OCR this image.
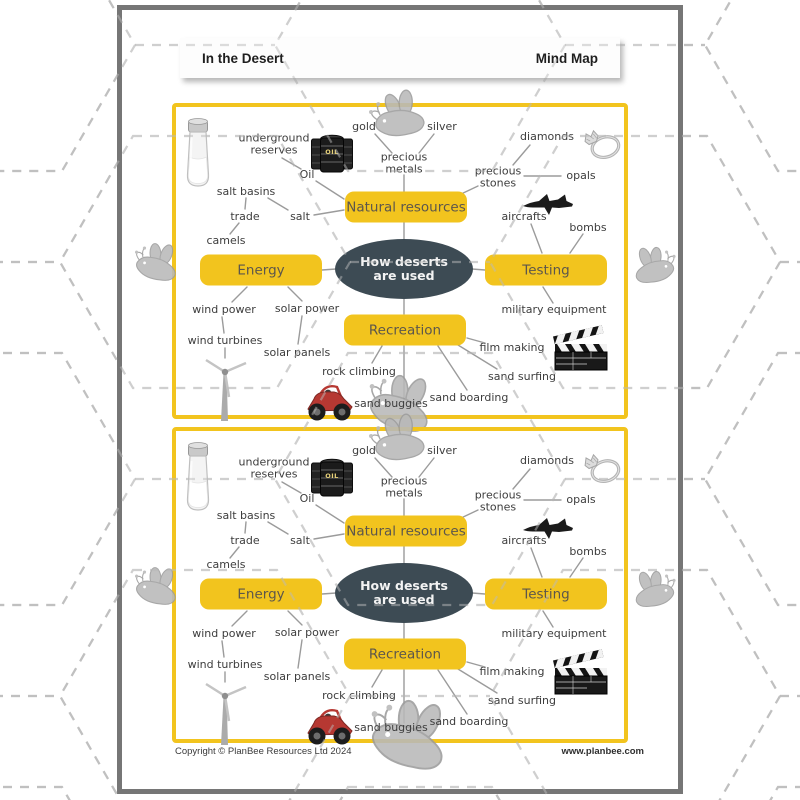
In the Desert	Mind Map
How deserts are used
Natural resources
Energy	Testing
Recreation
gold	silver
precious metals
diamonds
precious stones
opals
underground reserves
Oil
salt basins
trade	salt
camels
aircrafts
bombs
military equipment
wind power solar power
wind turbines
solar panels	film making
rock climbing	sand surfing
sand boarding
sand buggies
OIL
How deserts are used
Natural resources
Energy	Testing
Recreation
gold	silver
precious metals
diamonds
precious stones
opals
underground reserves
Oil
salt basins
trade	salt
camels
aircrafts
bombs
military equipment
wind power solar power
wind turbines
solar panels	film making
rock climbing	sand surfing
sand boarding
sand buggies
OIL
Copyright © PlanBee Resources Ltd 2024	www.planbee.com
